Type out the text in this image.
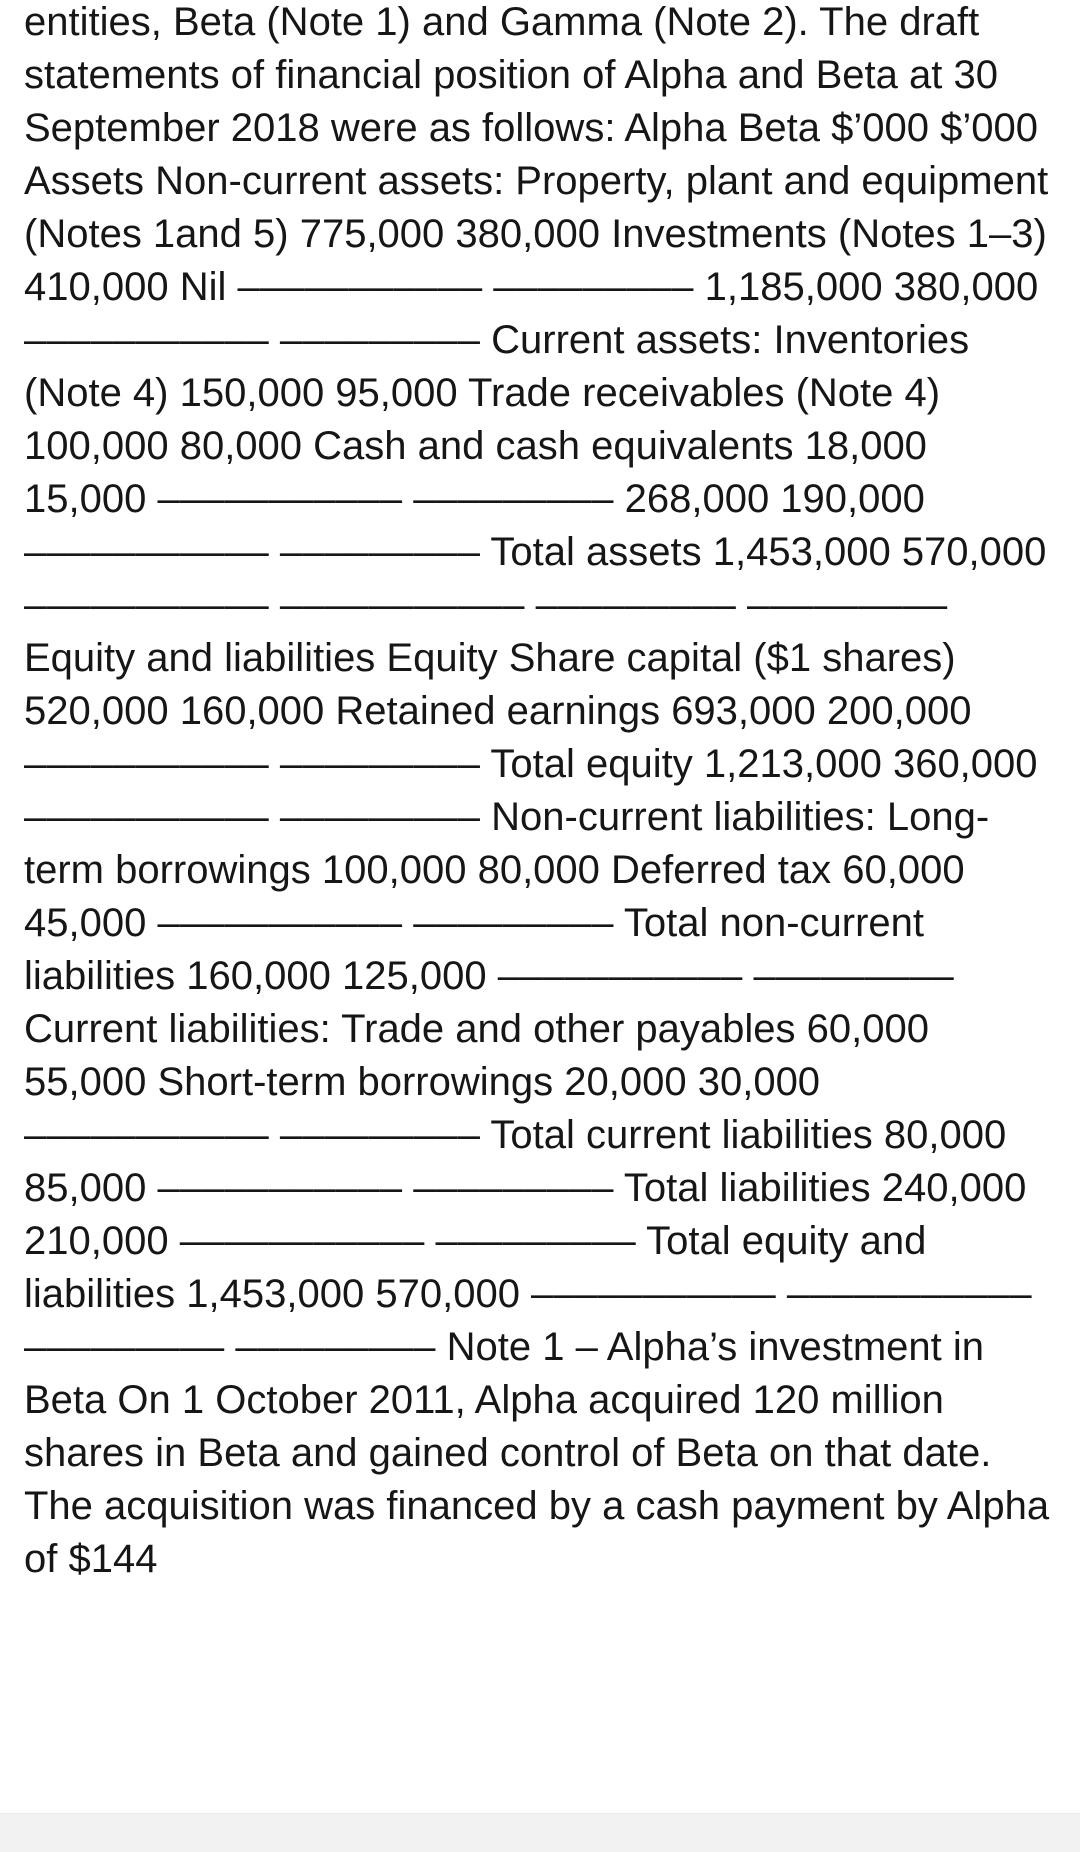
entities, Beta (Note 1) and Gamma (Note 2). The draft statements of financial position of Alpha and Beta at 30 September 2018 were as follows: Alpha Beta $’000 $’000 Assets Non-current assets: Property, plant and equipment (Notes 1and 5) 775,000 380,000 Investments (Notes 1–3) 410,000 Nil ––––––––––– ––––––––– 1,185,000 380,000 ––––––––––– ––––––––– Current assets: Inventories (Note 4) 150,000 95,000 Trade receivables (Note 4) 100,000 80,000 Cash and cash equivalents 18,000 15,000 ––––––––––– ––––––––– 268,000 190,000 ––––––––––– ––––––––– Total assets 1,453,000 570,000 ––––––––––– ––––––––––– ––––––––– ––––––––– Equity and liabilities Equity Share capital ($1 shares) 520,000 160,000 Retained earnings 693,000 200,000 ––––––––––– ––––––––– Total equity 1,213,000 360,000 ––––––––––– ––––––––– Non-current liabilities: Long-term borrowings 100,000 80,000 Deferred tax 60,000 45,000 ––––––––––– ––––––––– Total non-current liabilities 160,000 125,000 ––––––––––– ––––––––– Current liabilities: Trade and other payables 60,000 55,000 Short-term borrowings 20,000 30,000 ––––––––––– ––––––––– Total current liabilities 80,000 85,000 ––––––––––– ––––––––– Total liabilities 240,000 210,000 ––––––––––– ––––––––– Total equity and liabilities 1,453,000 570,000 ––––––––––– ––––––––––– ––––––––– ––––––––– Note 1 – Alpha’s investment in Beta On 1 October 2011, Alpha acquired 120 million shares in Beta and gained control of Beta on that date. The acquisition was financed by a cash payment by Alpha of $144
